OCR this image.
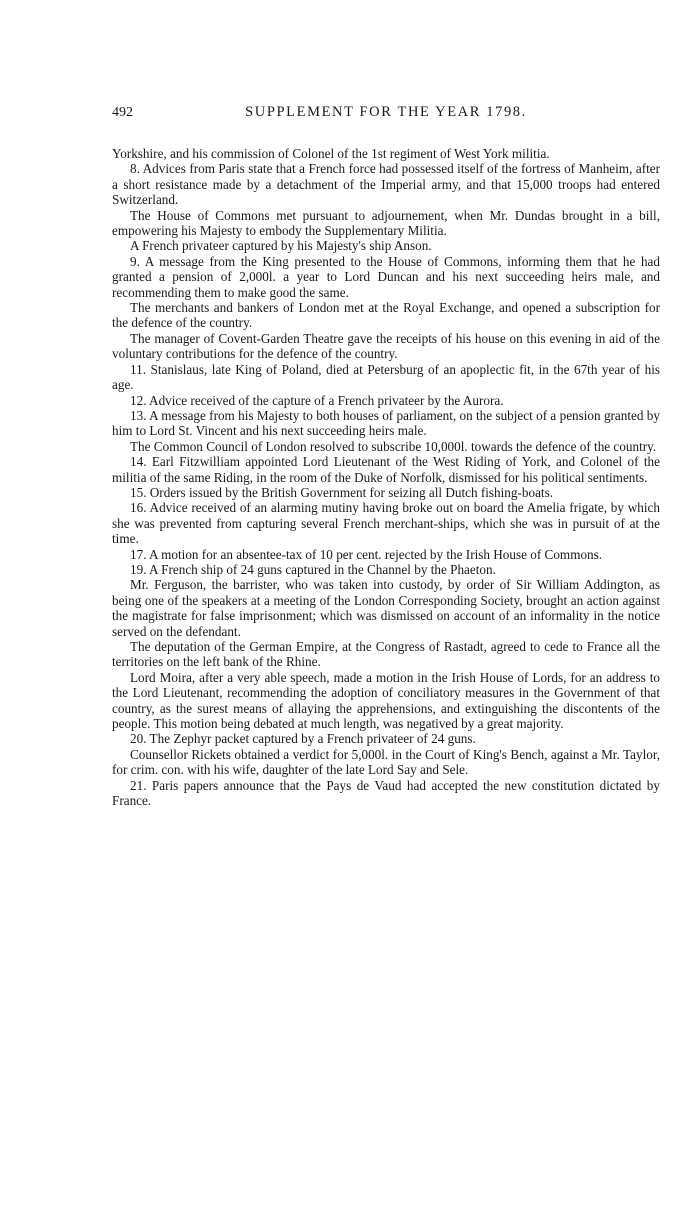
492	SUPPLEMENT FOR THE YEAR 1798.

Yorkshire, and his commission of Colonel of the 1st regiment of West York militia.

8. Advices from Paris state that a French force had possessed itself of the fortress of Manheim, after a short resistance made by a detachment of the Imperial army, and that 15,000 troops had entered Switzerland.

The House of Commons met pursuant to adjournement, when Mr. Dundas brought in a bill, empowering his Majesty to embody the Supplementary Militia.

A French privateer captured by his Majesty's ship Anson.

9. A message from the King presented to the House of Commons, informing them that he had granted a pension of 2,000l. a year to Lord Duncan and his next succeeding heirs male, and recommending them to make good the same.

The merchants and bankers of London met at the Royal Exchange, and opened a subscription for the defence of the country.

The manager of Covent-Garden Theatre gave the receipts of his house on this evening in aid of the voluntary contributions for the defence of the country.

11. Stanislaus, late King of Poland, died at Petersburg of an apoplectic fit, in the 67th year of his age.

12. Advice received of the capture of a French privateer by the Aurora.

13. A message from his Majesty to both houses of parliament, on the subject of a pension granted by him to Lord St. Vincent and his next succeeding heirs male.

The Common Council of London resolved to subscribe 10,000l. towards the defence of the country.

14. Earl Fitzwilliam appointed Lord Lieutenant of the West Riding of York, and Colonel of the militia of the same Riding, in the room of the Duke of Norfolk, dismissed for his political sentiments.

15. Orders issued by the British Government for seizing all Dutch fishing-boats.

16. Advice received of an alarming mutiny having broke out on board the Amelia frigate, by which she was prevented from capturing several French merchant-ships, which she was in pursuit of at the time.

17. A motion for an absentee-tax of 10 per cent. rejected by the Irish House of Commons.

19. A French ship of 24 guns captured in the Channel by the Phaeton.

Mr. Ferguson, the barrister, who was taken into custody, by order of Sir William Addington, as being one of the speakers at a meeting of the London Corresponding Society, brought an action against the magistrate for false imprisonment; which was dismissed on account of an informality in the notice served on the defendant.

The deputation of the German Empire, at the Congress of Rastadt, agreed to cede to France all the territories on the left bank of the Rhine.

Lord Moira, after a very able speech, made a motion in the Irish House of Lords, for an address to the Lord Lieutenant, recommending the adoption of conciliatory measures in the Government of that country, as the surest means of allaying the apprehensions, and extinguishing the discontents of the people. This motion being debated at much length, was negatived by a great majority.

20. The Zephyr packet captured by a French privateer of 24 guns.

Counsellor Rickets obtained a verdict for 5,000l. in the Court of King's Bench, against a Mr. Taylor, for crim. con. with his wife, daughter of the late Lord Say and Sele.

21. Paris papers announce that the Pays de Vaud had accepted the new constitution dictated by France.
